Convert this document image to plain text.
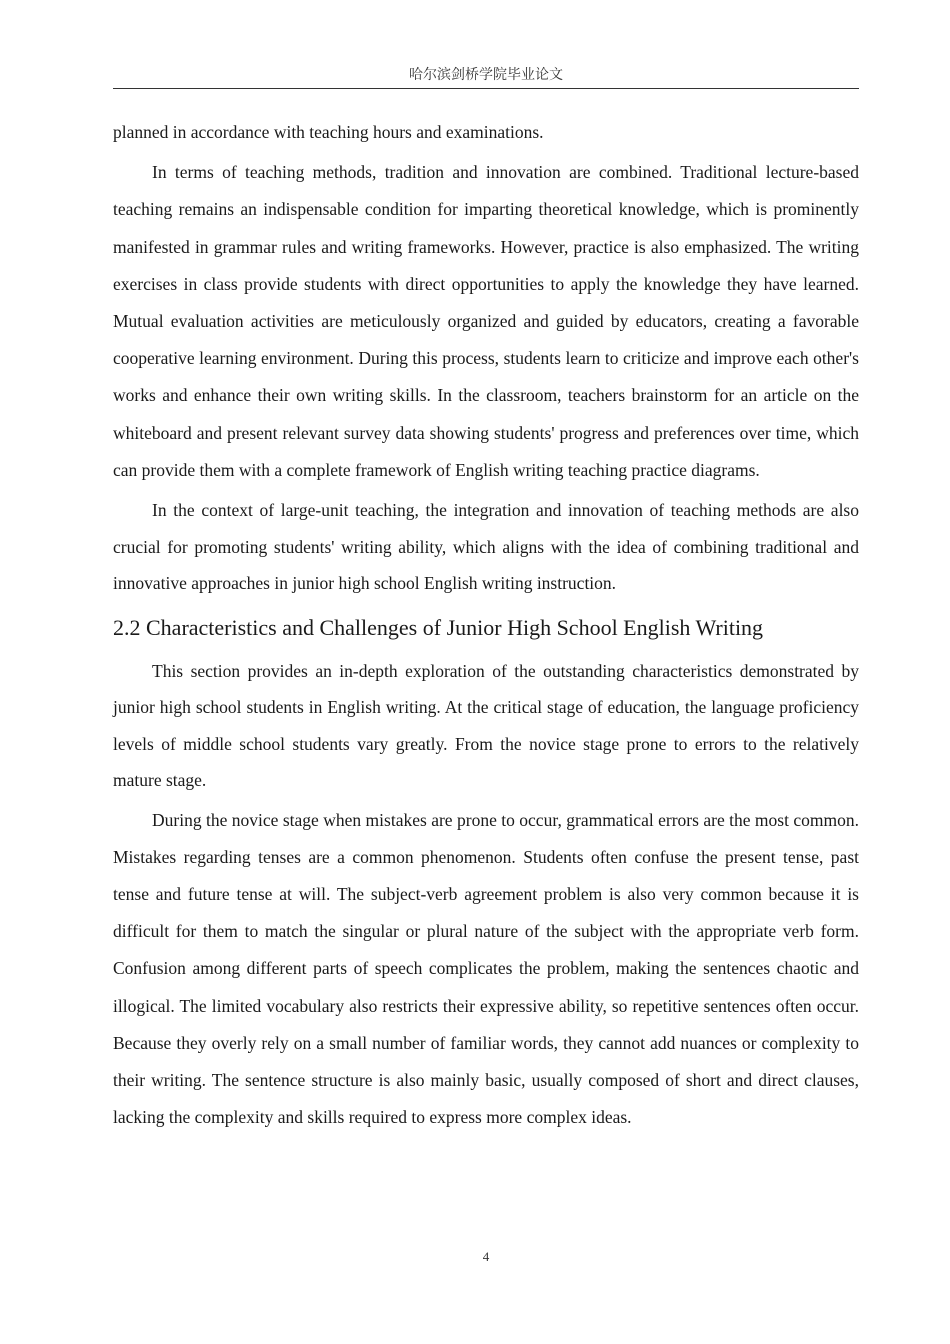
哈尔滨剑桥学院毕业论文

planned in accordance with teaching hours and examinations.

In terms of teaching methods, tradition and innovation are combined. Traditional lecture-based teaching remains an indispensable condition for imparting theoretical knowledge, which is prominently manifested in grammar rules and writing frameworks. However, practice is also emphasized. The writing exercises in class provide students with direct opportunities to apply the knowledge they have learned. Mutual evaluation activities are meticulously organized and guided by educators, creating a favorable cooperative learning environment. During this process, students learn to criticize and improve each other's works and enhance their own writing skills. In the classroom, teachers brainstorm for an article on the whiteboard and present relevant survey data showing students' progress and preferences over time, which can provide them with a complete framework of English writing teaching practice diagrams.

In the context of large-unit teaching, the integration and innovation of teaching methods are also crucial for promoting students' writing ability, which aligns with the idea of combining traditional and innovative approaches in junior high school English writing instruction.

2.2 Characteristics and Challenges of Junior High School English Writing

This section provides an in-depth exploration of the outstanding characteristics demonstrated by junior high school students in English writing. At the critical stage of education, the language proficiency levels of middle school students vary greatly. From the novice stage prone to errors to the relatively mature stage.

During the novice stage when mistakes are prone to occur, grammatical errors are the most common. Mistakes regarding tenses are a common phenomenon. Students often confuse the present tense, past tense and future tense at will. The subject-verb agreement problem is also very common because it is difficult for them to match the singular or plural nature of the subject with the appropriate verb form. Confusion among different parts of speech complicates the problem, making the sentences chaotic and illogical. The limited vocabulary also restricts their expressive ability, so repetitive sentences often occur. Because they overly rely on a small number of familiar words, they cannot add nuances or complexity to their writing. The sentence structure is also mainly basic, usually composed of short and direct clauses, lacking the complexity and skills required to express more complex ideas.

4
